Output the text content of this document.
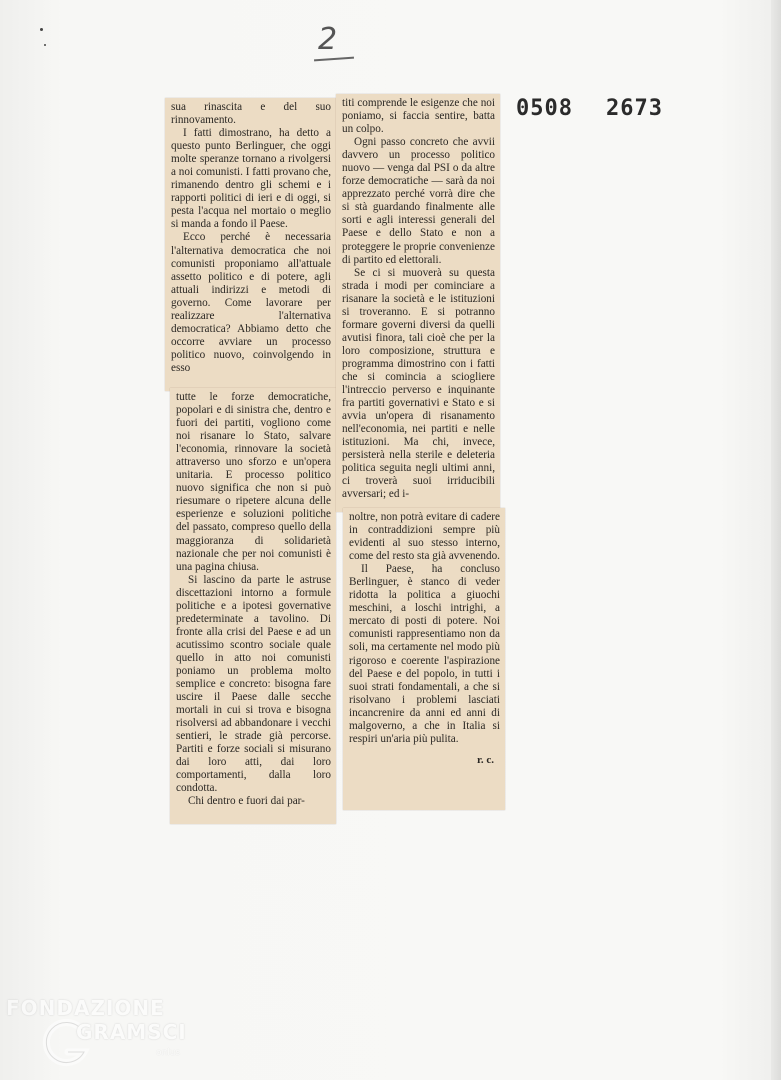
2
0508 2673

sua rinascita e del suo rinnovamento.

I fatti dimostrano, ha detto a questo punto Berlinguer, che oggi molte speranze tornano a rivolgersi a noi comunisti. I fatti provano che, rimanendo dentro gli schemi e i rapporti politici di ieri e di oggi, si pesta l'acqua nel mortaio o meglio si manda a fondo il Paese.

Ecco perché è necessaria l'alternativa democratica che noi comunisti proponiamo all'attuale assetto politico e di potere, agli attuali indirizzi e metodi di governo. Come lavorare per realizzare l'alternativa democratica? Abbiamo detto che occorre avviare un processo politico nuovo, coinvolgendo in esso

tutte le forze democratiche, popolari e di sinistra che, dentro e fuori dei partiti, vogliono come noi risanare lo Stato, salvare l'economia, rinnovare la società attraverso uno sforzo e un'opera unitaria. E processo politico nuovo significa che non si può riesumare o ripetere alcuna delle esperienze e soluzioni politiche del passato, compreso quello della maggioranza di solidarietà nazionale che per noi comunisti è una pagina chiusa.

Si lascino da parte le astruse discettazioni intorno a formule politiche e a ipotesi governative predeterminate a tavolino. Di fronte alla crisi del Paese e ad un acutissimo scontro sociale quale quello in atto noi comunisti poniamo un problema molto semplice e concreto: bisogna fare uscire il Paese dalle secche mortali in cui si trova e bisogna risolversi ad abbandonare i vecchi sentieri, le strade già percorse. Partiti e forze sociali si misurano dai loro atti, dai loro comportamenti, dalla loro condotta.

Chi dentro e fuori dai par-

titi comprende le esigenze che noi poniamo, si faccia sentire, batta un colpo.

Ogni passo concreto che avvii davvero un processo politico nuovo — venga dal PSI o da altre forze democratiche — sarà da noi apprezzato perché vorrà dire che si stà guardando finalmente alle sorti e agli interessi generali del Paese e dello Stato e non a proteggere le proprie convenienze di partito ed elettorali.

Se ci si muoverà su questa strada i modi per cominciare a risanare la società e le istituzioni si troveranno. E si potranno formare governi diversi da quelli avutisi finora, tali cioè che per la loro composizione, struttura e programma dimostrino con i fatti che si comincia a sciogliere l'intreccio perverso e inquinante fra partiti governativi e Stato e si avvia un'opera di risanamento nell'economia, nei partiti e nelle istituzioni. Ma chi, invece, persisterà nella sterile e deleteria politica seguita negli ultimi anni, ci troverà suoi irriducibili avversari; ed i-

noltre, non potrà evitare di cadere in contraddizioni sempre più evidenti al suo stesso interno, come del resto sta già avvenendo.

Il Paese, ha concluso Berlinguer, è stanco di veder ridotta la politica a giuochi meschini, a loschi intrighi, a mercato di posti di potere. Noi comunisti rappresentiamo non da soli, ma certamente nel modo più rigoroso e coerente l'aspirazione del Paese e del popolo, in tutti i suoi strati fondamentali, a che si risolvano i problemi lasciati incancrenire da anni ed anni di malgoverno, a che in Italia si respiri un'aria più pulita.

r. c.
FONDAZIONE
GRAMSCI
onlus
